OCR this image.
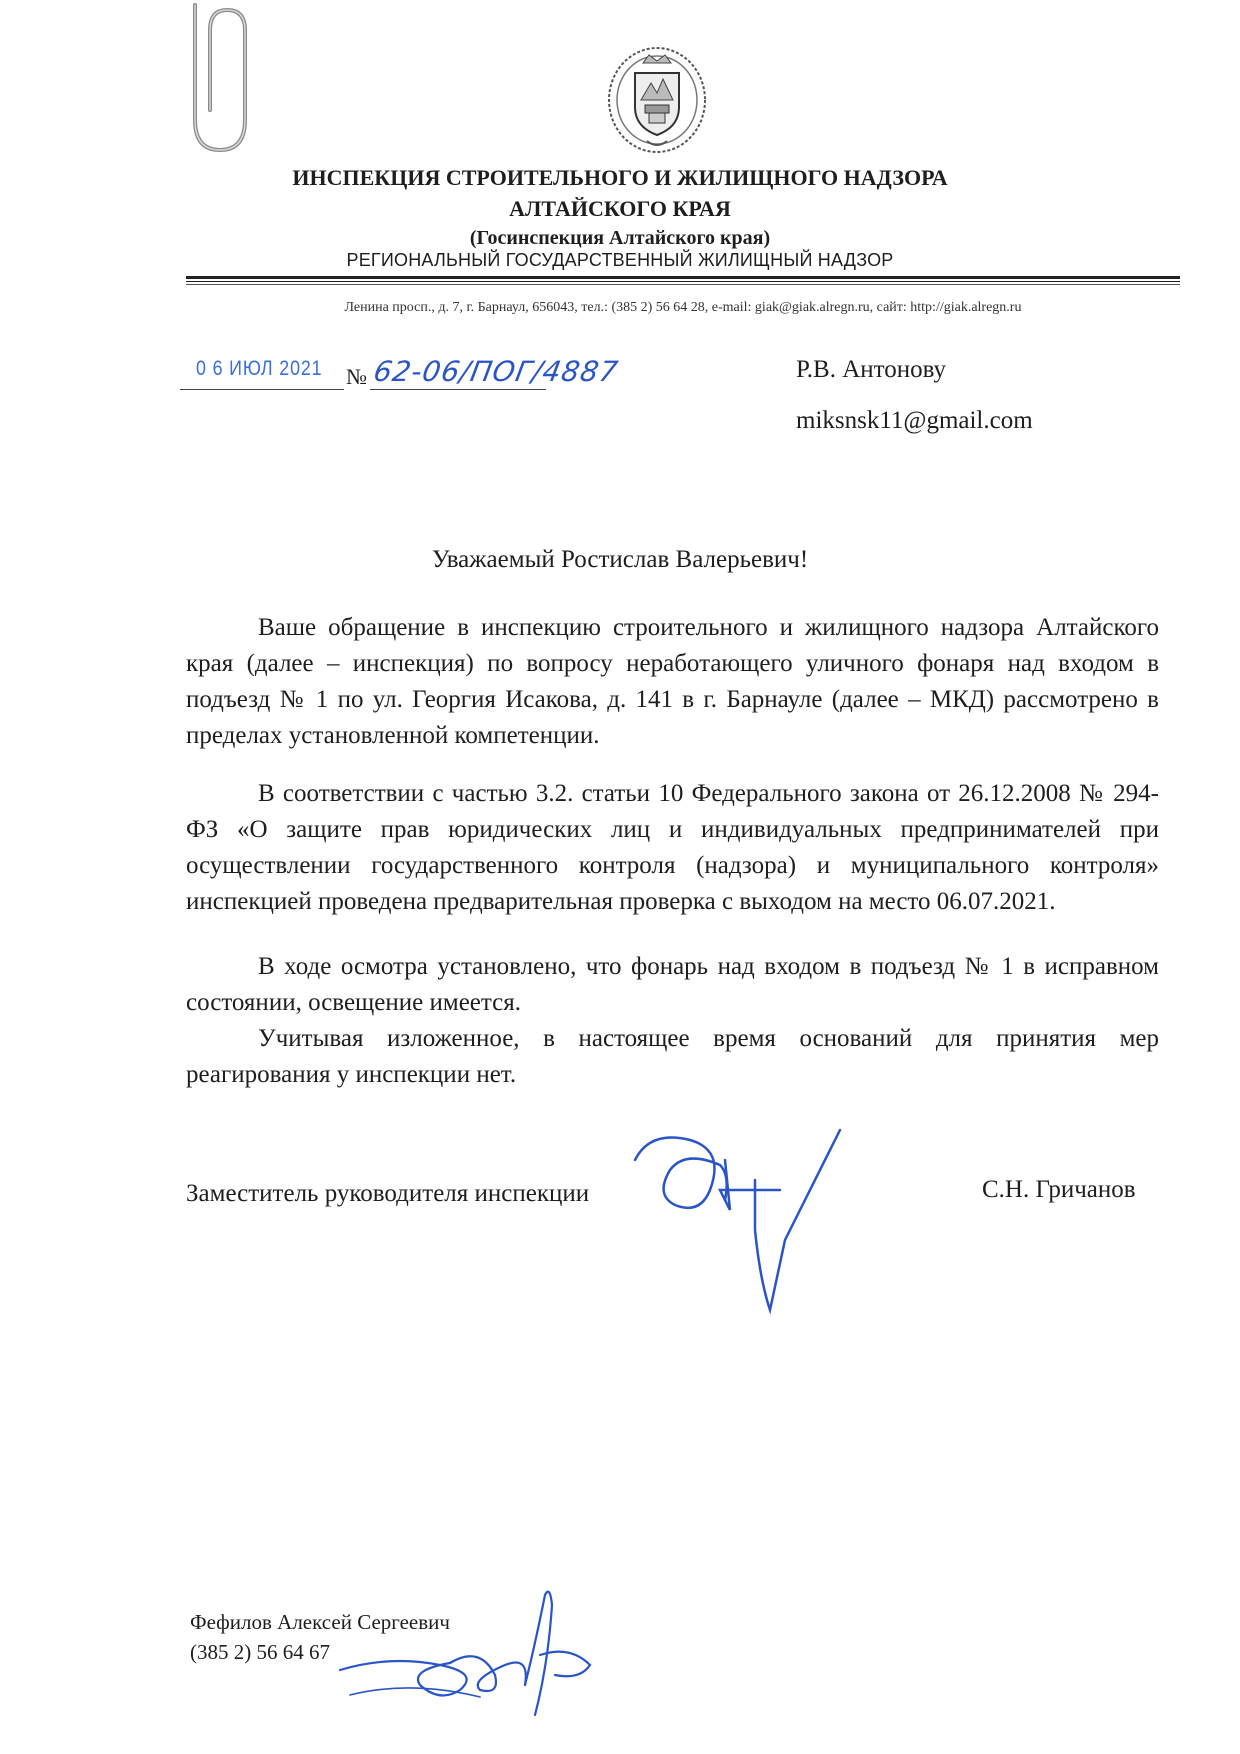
ИНСПЕКЦИЯ СТРОИТЕЛЬНОГО И ЖИЛИЩНОГО НАДЗОРА
АЛТАЙСКОГО КРАЯ
(Госинспекция Алтайского края)
РЕГИОНАЛЬНЫЙ ГОСУДАРСТВЕННЫЙ ЖИЛИЩНЫЙ НАДЗОР
Ленина просп., д. 7, г. Барнаул, 656043, тел.: (385 2) 56 64 28, e-mail: giak@giak.alregn.ru, сайт: http://giak.alregn.ru
0 6 ИЮЛ 2021 № 62-06/ПОГ/4887	Р.В. Антонову
miksnsk11@gmail.com
Уважаемый Ростислав Валерьевич!

Ваше обращение в инспекцию строительного и жилищного надзора Алтайского края (далее – инспекция) по вопросу неработающего уличного фонаря над входом в подъезд № 1 по ул. Георгия Исакова, д. 141 в г. Барнауле (далее – МКД) рассмотрено в пределах установленной компетенции.

В соответствии с частью 3.2. статьи 10 Федерального закона от 26.12.2008 № 294-ФЗ «О защите прав юридических лиц и индивидуальных предпринимателей при осуществлении государственного контроля (надзора) и муниципального контроля» инспекцией проведена предварительная проверка с выходом на место 06.07.2021.

В ходе осмотра установлено, что фонарь над входом в подъезд № 1 в исправном состоянии, освещение имеется.

Учитывая изложенное, в настоящее время оснований для принятия мер реагирования у инспекции нет.

Заместитель руководителя инспекции	С.Н. Гричанов
Фефилов Алексей Сергеевич
(385 2) 56 64 67
